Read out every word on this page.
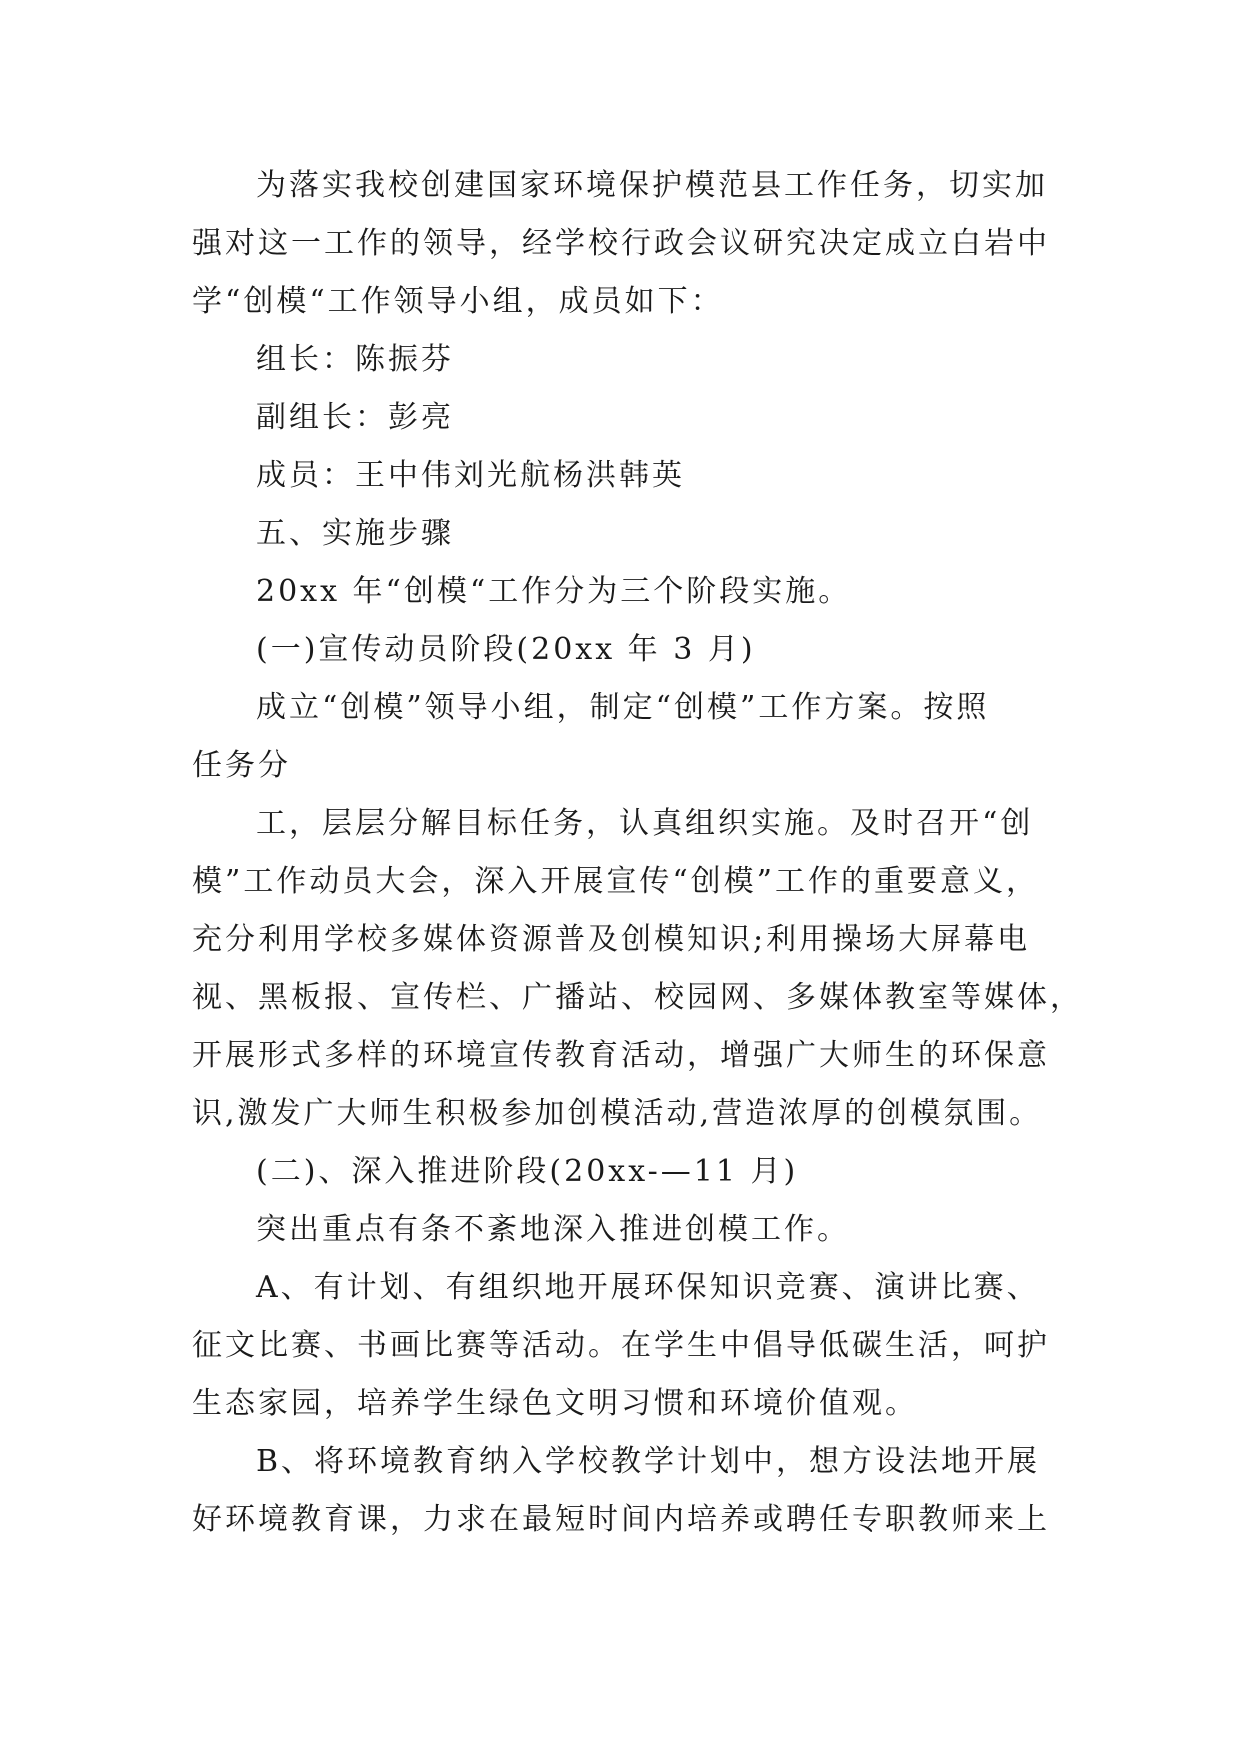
为落实我校创建国家环境保护模范县工作任务，切实加
强对这一工作的领导，经学校行政会议研究决定成立白岩中
学“创模“工作领导小组，成员如下：

组长：陈振芬

副组长：彭亮

成员：王中伟刘光航杨洪韩英

五、实施步骤

20xx 年“创模“工作分为三个阶段实施。

(一)宣传动员阶段(20xx 年 3 月)

成立“创模”领导小组，制定“创模”工作方案。按照
任务分

工，层层分解目标任务，认真组织实施。及时召开“创
模”工作动员大会，深入开展宣传“创模”工作的重要意义，
充分利用学校多媒体资源普及创模知识;利用操场大屏幕电
视、黑板报、宣传栏、广播站、校园网、多媒体教室等媒体，
开展形式多样的环境宣传教育活动，增强广大师生的环保意
识,激发广大师生积极参加创模活动,营造浓厚的创模氛围。

(二)、深入推进阶段(20xx-—11 月)

突出重点有条不紊地深入推进创模工作。

A、有计划、有组织地开展环保知识竞赛、演讲比赛、
征文比赛、书画比赛等活动。在学生中倡导低碳生活，呵护
生态家园，培养学生绿色文明习惯和环境价值观。

B、将环境教育纳入学校教学计划中，想方设法地开展
好环境教育课，力求在最短时间内培养或聘任专职教师来上
